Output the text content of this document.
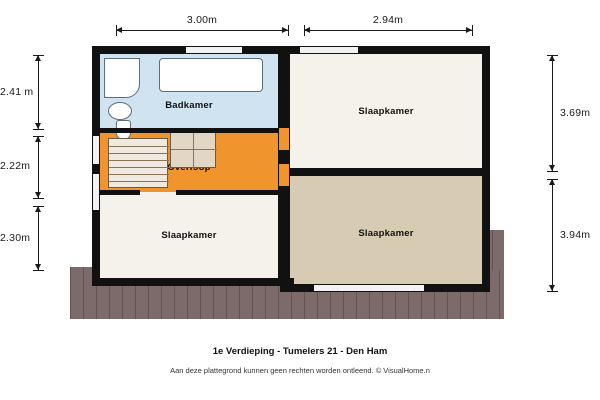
3.00m	2.94m
2.41 m
2.22m
2.30m
3.69m
3.94m
Badkamer
Slaapkamer
Slaapkamer
Slaapkamer
1e Verdieping - Tumelers 21 - Den Ham
Aan deze plattegrond kunnen geen rechten worden ontleend. © VisualHome.n
